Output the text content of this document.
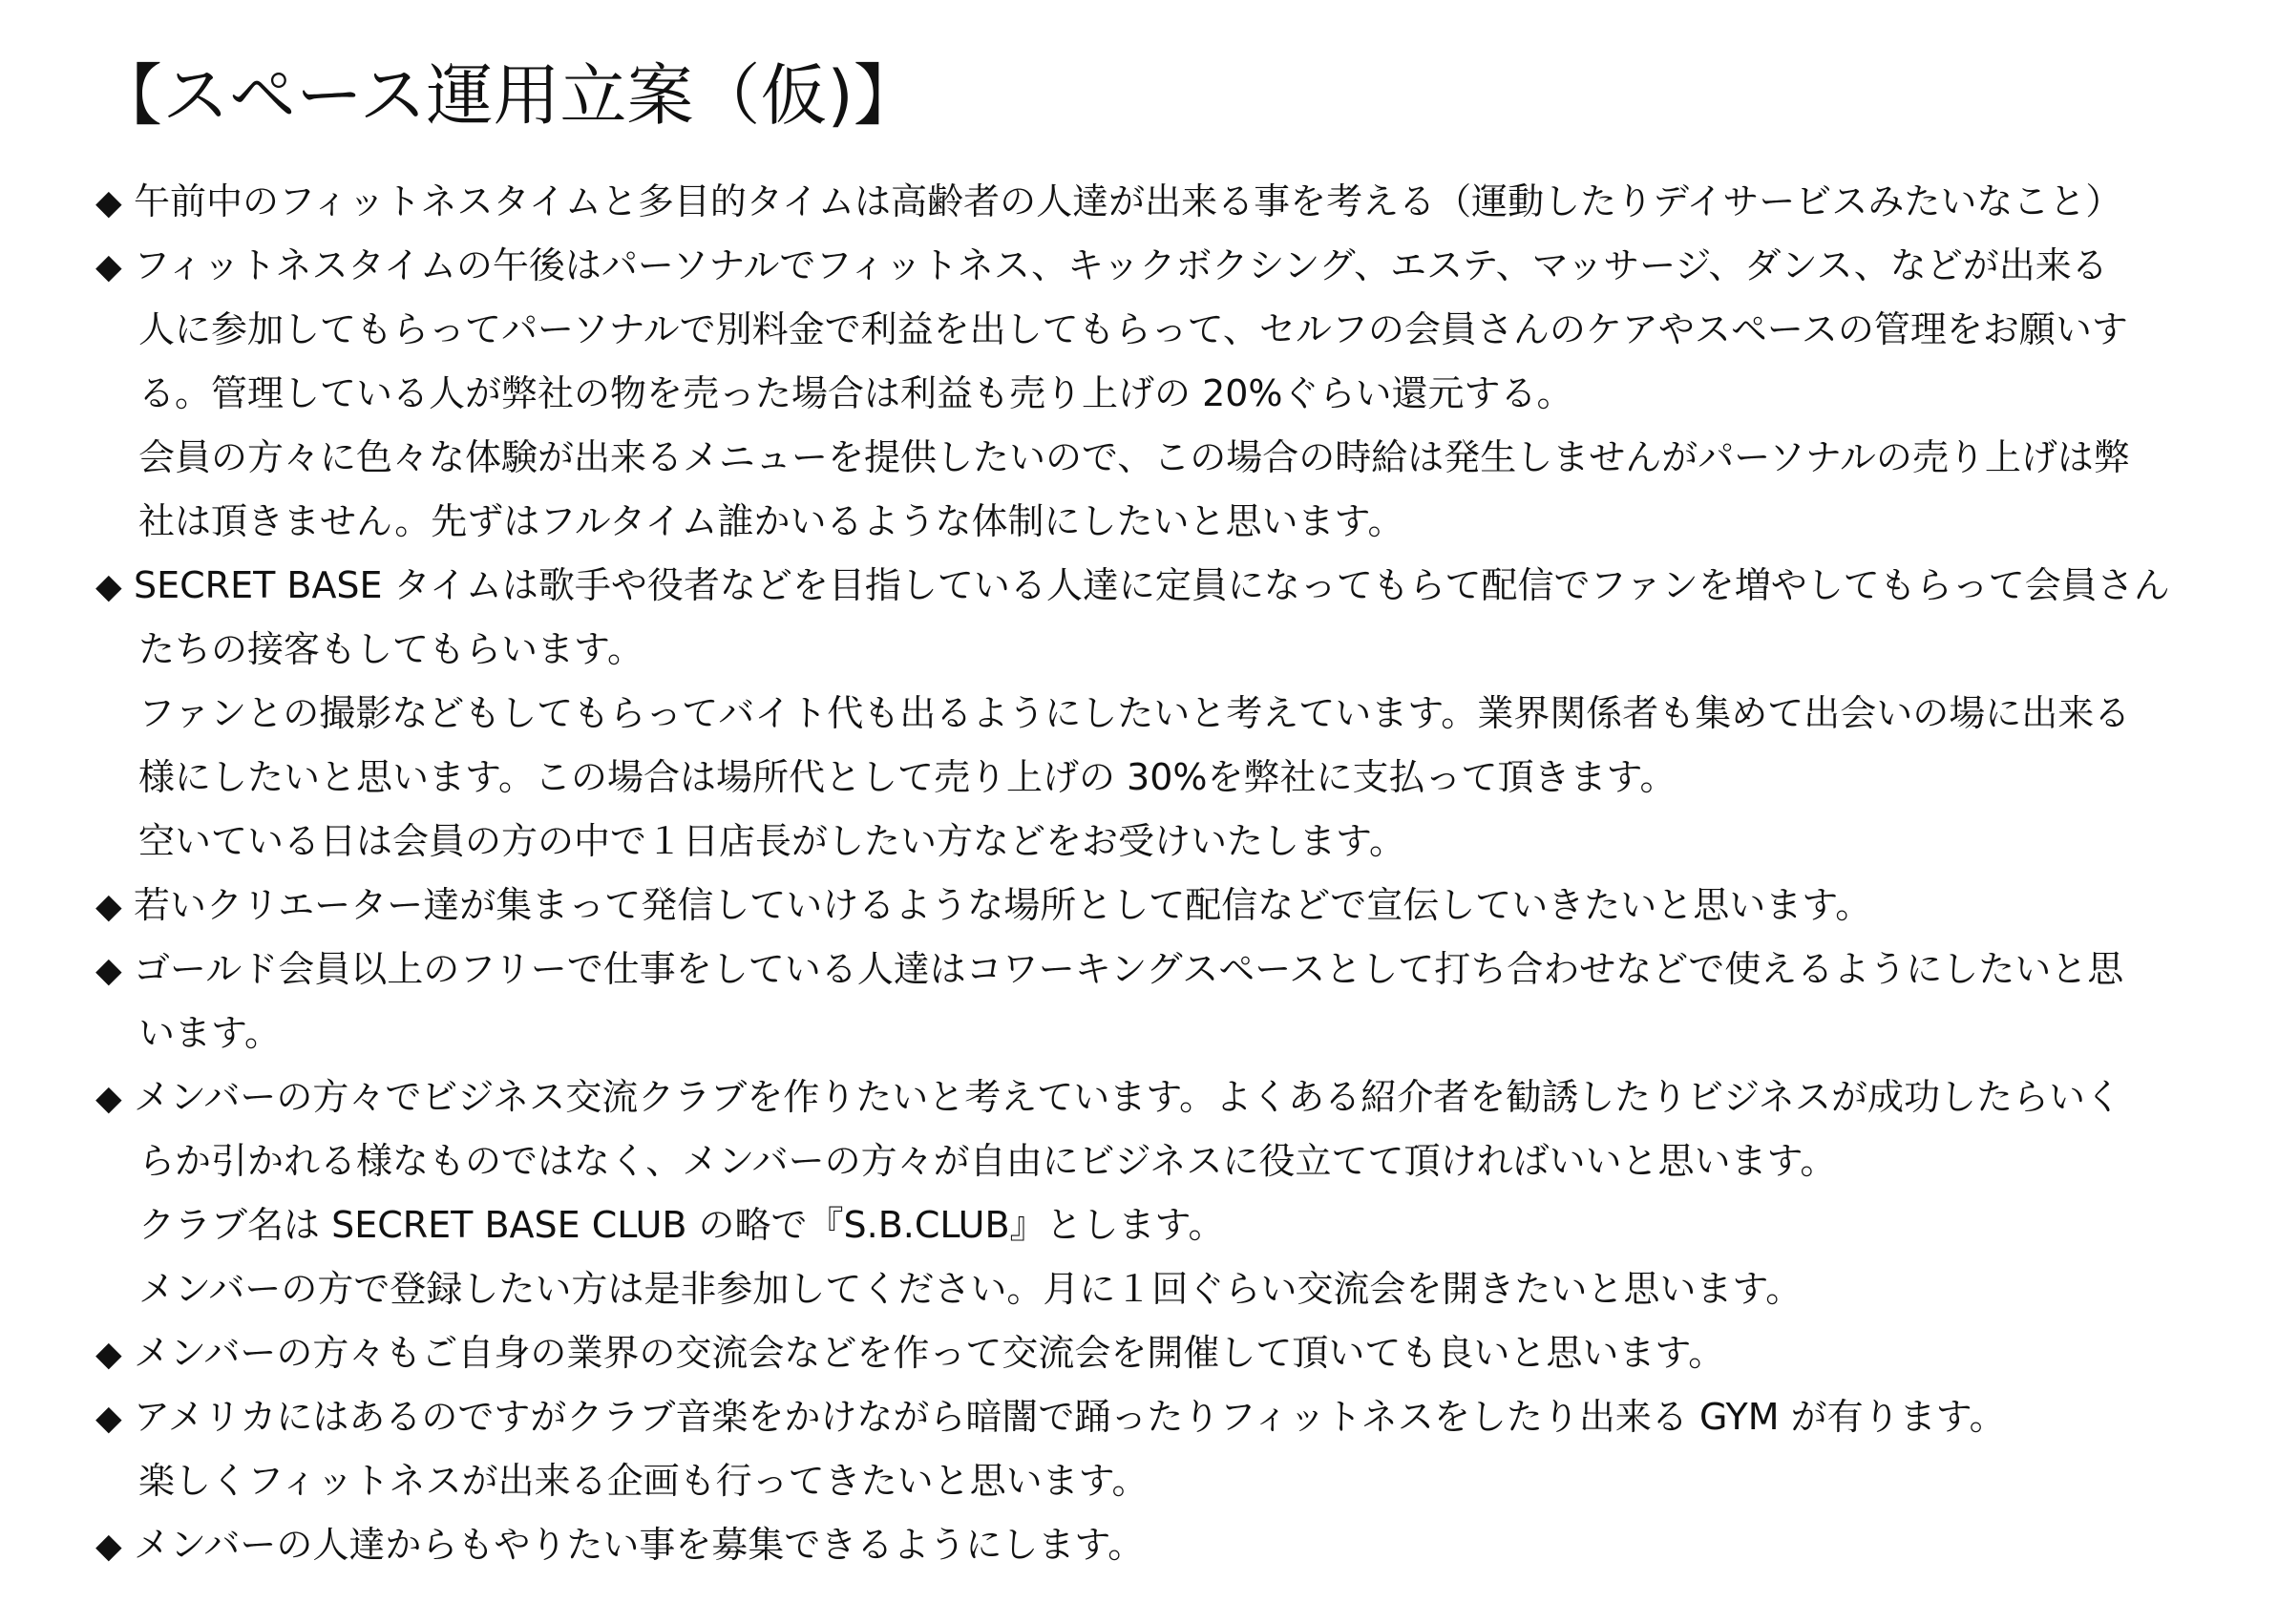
【スペース運用立案（仮)】
◆ 午前中のフィットネスタイムと多目的タイムは高齢者の人達が出来る事を考える（運動したりデイサービスみたいなこと）
◆ フィットネスタイムの午後はパーソナルでフィットネス、キックボクシング、エステ、マッサージ、ダンス、などが出来る
人に参加してもらってパーソナルで別料金で利益を出してもらって、セルフの会員さんのケアやスペースの管理をお願いす
る。管理している人が弊社の物を売った場合は利益も売り上げの 20%ぐらい還元する。
会員の方々に色々な体験が出来るメニューを提供したいので、この場合の時給は発生しませんがパーソナルの売り上げは弊
社は頂きません。先ずはフルタイム誰かいるような体制にしたいと思います。
◆ SECRET BASE タイムは歌手や役者などを目指している人達に定員になってもらて配信でファンを増やしてもらって会員さん
たちの接客もしてもらいます。
ファンとの撮影などもしてもらってバイト代も出るようにしたいと考えています。業界関係者も集めて出会いの場に出来る
様にしたいと思います。この場合は場所代として売り上げの 30%を弊社に支払って頂きます。
空いている日は会員の方の中で１日店長がしたい方などをお受けいたします。
◆ 若いクリエーター達が集まって発信していけるような場所として配信などで宣伝していきたいと思います。
◆ ゴールド会員以上のフリーで仕事をしている人達はコワーキングスペースとして打ち合わせなどで使えるようにしたいと思
います。
◆ メンバーの方々でビジネス交流クラブを作りたいと考えています。よくある紹介者を勧誘したりビジネスが成功したらいく
らか引かれる様なものではなく、メンバーの方々が自由にビジネスに役立てて頂ければいいと思います。
クラブ名は SECRET BASE CLUB の略で『S.B.CLUB』とします。
メンバーの方で登録したい方は是非参加してください。月に１回ぐらい交流会を開きたいと思います。
◆ メンバーの方々もご自身の業界の交流会などを作って交流会を開催して頂いても良いと思います。
◆ アメリカにはあるのですがクラブ音楽をかけながら暗闇で踊ったりフィットネスをしたり出来る GYM が有ります。
楽しくフィットネスが出来る企画も行ってきたいと思います。
◆ メンバーの人達からもやりたい事を募集できるようにします。
